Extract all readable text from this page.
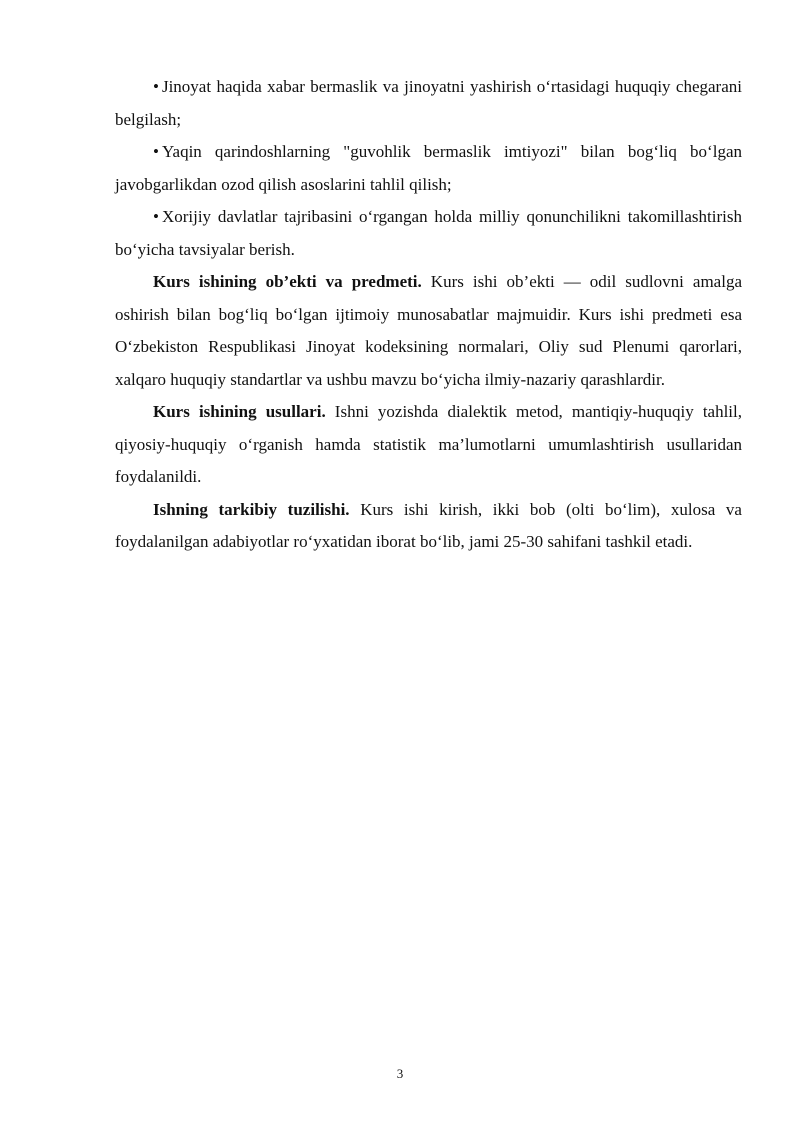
• Jinoyat haqida xabar bermaslik va jinoyatni yashirish o‘rtasidagi huquqiy chegarani belgilash;

• Yaqin qarindoshlarning "guvohlik bermaslik imtiyozi" bilan bog‘liq bo‘lgan javobgarlikdan ozod qilish asoslarini tahlil qilish;

• Xorijiy davlatlar tajribasini o‘rgangan holda milliy qonunchilikni takomillashtirish bo‘yicha tavsiyalar berish.

Kurs ishining ob’ekti va predmeti. Kurs ishi ob’ekti — odil sudlovni amalga oshirish bilan bog‘liq bo‘lgan ijtimoiy munosabatlar majmuidir. Kurs ishi predmeti esa O‘zbekiston Respublikasi Jinoyat kodeksining normalari, Oliy sud Plenumi qarorlari, xalqaro huquqiy standartlar va ushbu mavzu bo‘yicha ilmiy-nazariy qarashlardir.

Kurs ishining usullari. Ishni yozishda dialektik metod, mantiqiy-huquqiy tahlil, qiyosiy-huquqiy o‘rganish hamda statistik ma’lumotlarni umumlashtirish usullaridan foydalanildi.

Ishning tarkibiy tuzilishi. Kurs ishi kirish, ikki bob (olti bo‘lim), xulosa va foydalanilgan adabiyotlar ro‘yxatidan iborat bo‘lib, jami 25-30 sahifani tashkil etadi.

3
